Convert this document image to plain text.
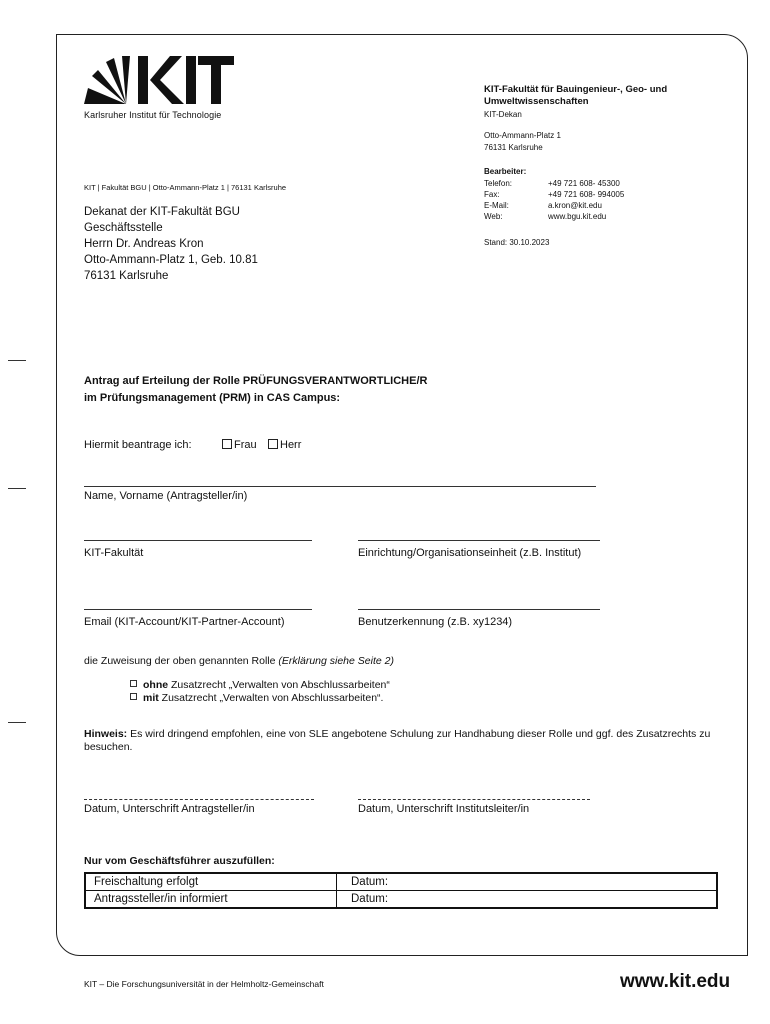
Karlsruher Institut für Technologie
KIT-Fakultät für Bauingenieur-, Geo- und Umweltwissenschaften
KIT-Dekan
Otto-Ammann-Platz 1
76131 Karlsruhe
Bearbeiter:
Telefon:	+49 721 608- 45300
Fax:	+49 721 608- 994005
E-Mail:	a.kron@kit.edu
Web:	www.bgu.kit.edu
Stand: 30.10.2023
KIT | Fakultät BGU | Otto-Ammann-Platz 1 | 76131 Karlsruhe
Dekanat der KIT-Fakultät BGU
Geschäftsstelle
Herrn Dr. Andreas Kron
Otto-Ammann-Platz 1, Geb. 10.81
76131 Karlsruhe
Antrag auf Erteilung der Rolle PRÜFUNGSVERANTWORTLICHE/R
im Prüfungsmanagement (PRM) in CAS Campus:
Hiermit beantrage ich:	Frau	Herr
Name, Vorname (Antragsteller/in)
KIT-Fakultät	Einrichtung/Organisationseinheit (z.B. Institut)
Email (KIT-Account/KIT-Partner-Account)	Benutzerkennung (z.B. xy1234)
die Zuweisung der oben genannten Rolle (Erklärung siehe Seite 2)
ohne Zusatzrecht „Verwalten von Abschlussarbeiten“
mit Zusatzrecht „Verwalten von Abschlussarbeiten“.
Hinweis: Es wird dringend empfohlen, eine von SLE angebotene Schulung zur Handhabung dieser Rolle und ggf. des Zusatzrechts zu besuchen.
Datum, Unterschrift Antragsteller/in	Datum, Unterschrift Institutsleiter/in
Nur vom Geschäftsführer auszufüllen:
Freischaltung erfolgt	Datum:
Antragssteller/in informiert	Datum:
KIT – Die Forschungsuniversität in der Helmholtz-Gemeinschaft	www.kit.edu
